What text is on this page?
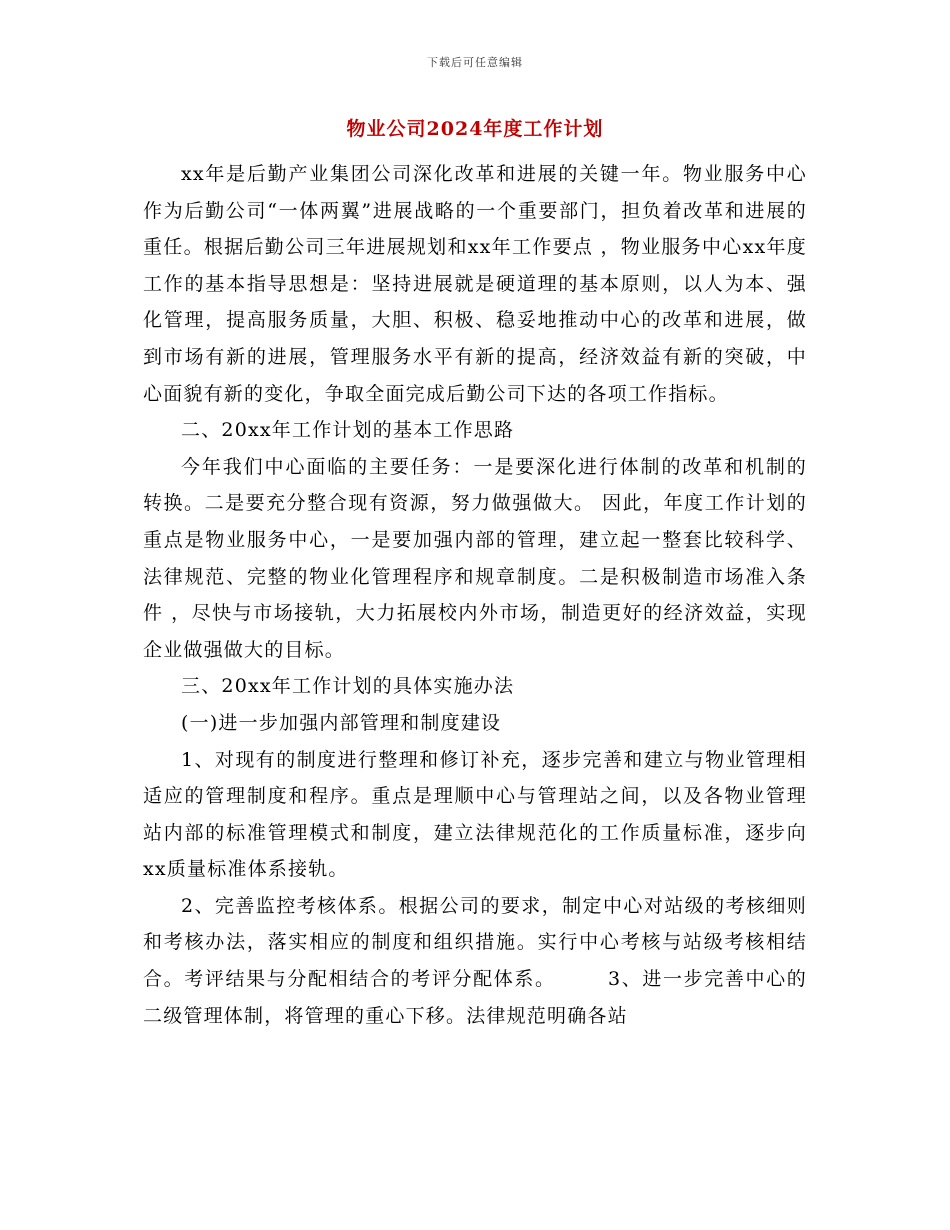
下载后可任意编辑
物业公司2024年度工作计划

xx年是后勤产业集团公司深化改革和进展的关键一年。物业服务中心作为后勤公司“一体两翼”进展战略的一个重要部门，担负着改革和进展的重任。根据后勤公司三年进展规划和xx年工作要点 ，物业服务中心xx年度工作的基本指导思想是：坚持进展就是硬道理的基本原则，以人为本、强化管理，提高服务质量，大胆、积极、稳妥地推动中心的改革和进展，做到市场有新的进展，管理服务水平有新的提高，经济效益有新的突破，中心面貌有新的变化，争取全面完成后勤公司下达的各项工作指标。

二、20xx年工作计划的基本工作思路

今年我们中心面临的主要任务：一是要深化进行体制的改革和机制的转换。二是要充分整合现有资源，努力做强做大。 因此，年度工作计划的重点是物业服务中心，一是要加强内部的管理，建立起一整套比较科学、法律规范、完整的物业化管理程序和规章制度。二是积极制造市场准入条件 ，尽快与市场接轨，大力拓展校内外市场，制造更好的经济效益，实现企业做强做大的目标。

三、20xx年工作计划的具体实施办法

(一)进一步加强内部管理和制度建设

1、对现有的制度进行整理和修订补充，逐步完善和建立与物业管理相适应的管理制度和程序。重点是理顺中心与管理站之间，以及各物业管理站内部的标准管理模式和制度，建立法律规范化的工作质量标准，逐步向xx质量标准体系接轨。

2、完善监控考核体系。根据公司的要求，制定中心对站级的考核细则和考核办法，落实相应的制度和组织措施。实行中心考核与站级考核相结合。考评结果与分配相结合的考评分配体系。　　　3、进一步完善中心的二级管理体制，将管理的重心下移。法律规范明确各站
